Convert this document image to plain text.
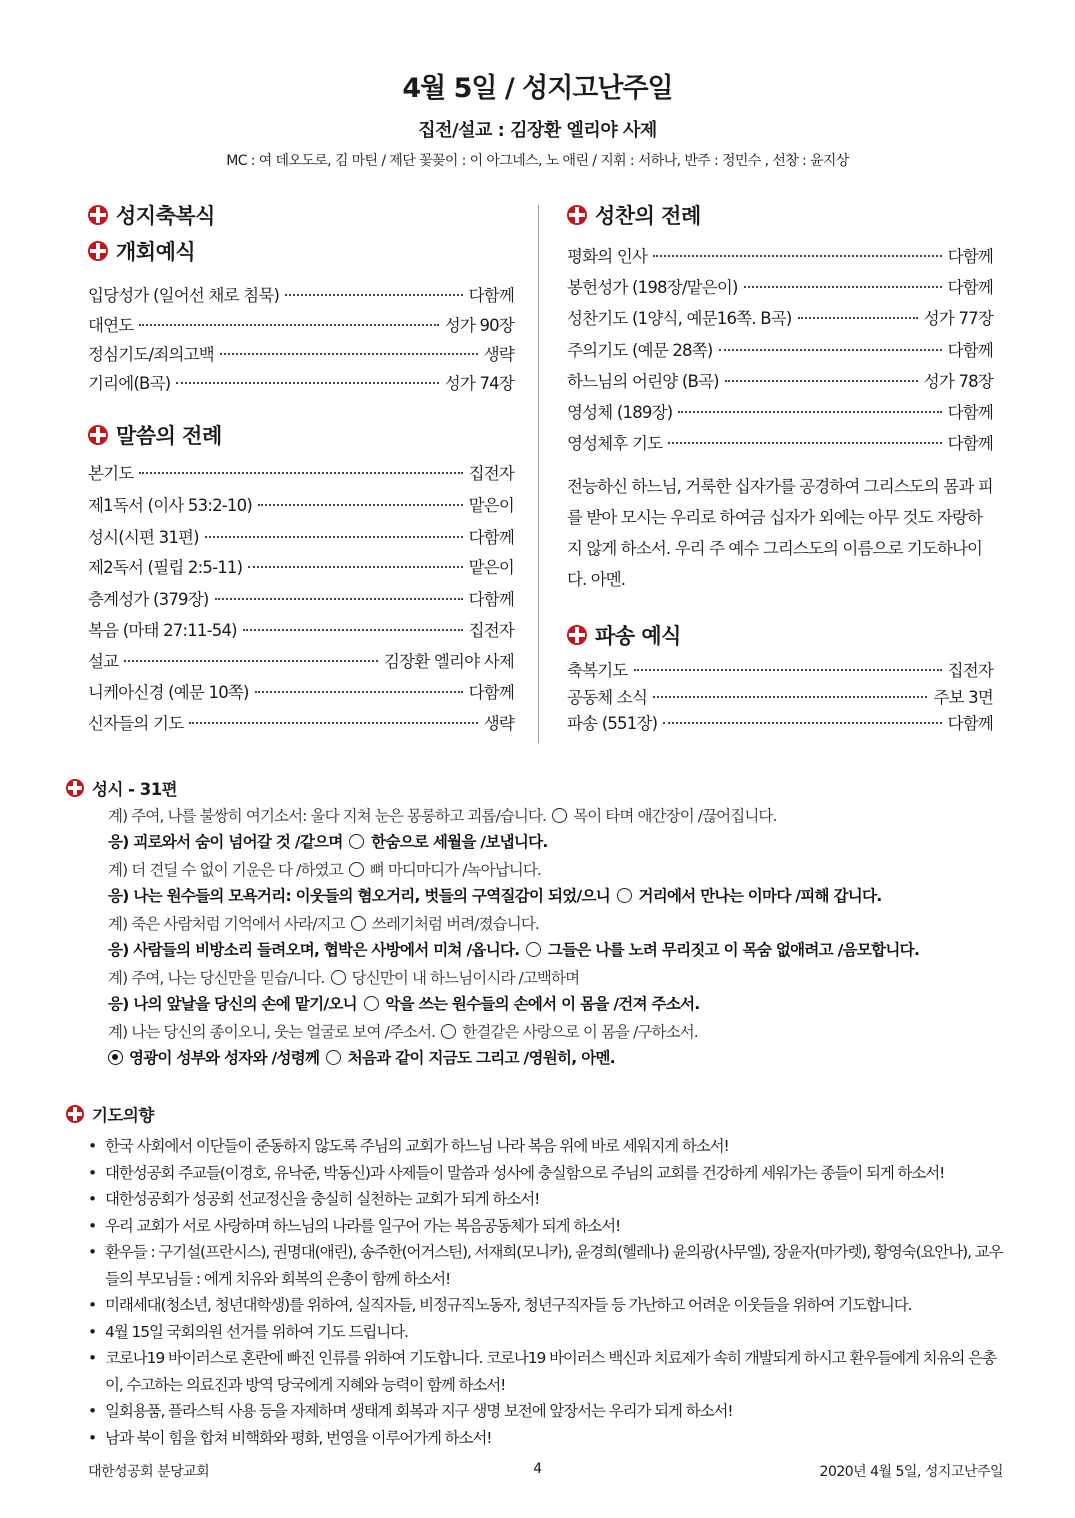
4월 5일 / 성지고난주일
집전/설교 : 김장환 엘리야 사제
MC : 여 데오도로, 김 마틴 / 제단 꽃꽂이 : 이 아그네스, 노 애린 / 지휘 : 서하나, 반주 : 정민수 , 선창 : 윤지상
성지축복식
개회예식
입당성가 (일어선 채로 침묵)	다함께
대연도	성가 90장
정심기도/죄의고백	생략
기리에(B곡)	성가 74장
말씀의 전례
본기도	집전자
제1독서 (이사 53:2-10)	맡은이
성시(시편 31편)	다함께
제2독서 (필립 2:5-11)	맡은이
층계성가 (379장)	다함께
복음 (마태 27:11-54)	집전자
설교	김장환 엘리야 사제
니케아신경 (예문 10쪽)	다함께
신자들의 기도	생략
성찬의 전례
평화의 인사	다함께
봉헌성가 (198장/맡은이)	다함께
성찬기도 (1양식, 예문16쪽. B곡)	성가 77장
주의기도 (예문 28쪽)	다함께
하느님의 어린양 (B곡)	성가 78장
영성체 (189장)	다함께
영성체후 기도	다함께
전능하신 하느님, 거룩한 십자가를 공경하여 그리스도의 몸과 피를 받아 모시는 우리로 하여금 십자가 외에는 아무 것도 자랑하지 않게 하소서. 우리 주 예수 그리스도의 이름으로 기도하나이다. 아멘.
파송 예식
축복기도	집전자
공동체 소식	주보 3면
파송 (551장)	다함께
성시 - 31편
계) 주여, 나를 불쌍히 여기소서: 울다 지쳐 눈은 몽롱하고 괴롭/습니다. 목이 타며 애간장이 /끊어집니다.
응) 괴로와서 숨이 넘어갈 것 /같으며 한숨으로 세월을 /보냅니다.
계) 더 견딜 수 없이 기운은 다 /하였고 뼈 마디마디가 /녹아납니다.
응) 나는 원수들의 모욕거리: 이웃들의 혐오거리, 벗들의 구역질감이 되었/으니 거리에서 만나는 이마다 /피해 갑니다.
계) 죽은 사람처럼 기억에서 사라/지고 쓰레기처럼 버려/졌습니다.
응) 사람들의 비방소리 들려오며, 협박은 사방에서 미쳐 /옵니다. 그들은 나를 노려 무리짓고 이 목숨 없애려고 /음모합니다.
계) 주여, 나는 당신만을 믿습/니다. 당신만이 내 하느님이시라 /고백하며
응) 나의 앞날을 당신의 손에 맡기/오니 악을 쓰는 원수들의 손에서 이 몸을 /건져 주소서.
계) 나는 당신의 종이오니, 웃는 얼굴로 보여 /주소서. 한결같은 사랑으로 이 몸을 /구하소서.
영광이 성부와 성자와 /성령께 처음과 같이 지금도 그리고 /영원히, 아멘.
기도의향
• 한국 사회에서 이단들이 준동하지 않도록 주님의 교회가 하느님 나라 복음 위에 바로 세워지게 하소서!
• 대한성공회 주교들(이경호, 유낙준, 박동신)과 사제들이 말씀과 성사에 충실함으로 주님의 교회를 건강하게 세워가는 종들이 되게 하소서!
• 대한성공회가 성공회 선교정신을 충실히 실천하는 교회가 되게 하소서!
• 우리 교회가 서로 사랑하며 하느님의 나라를 일구어 가는 복음공동체가 되게 하소서!
• 환우들 : 구기설(프란시스), 권명대(애린), 송주한(어거스틴), 서재희(모니카), 윤경희(헬레나) 윤의광(사무엘), 장윤자(마가렛), 황영숙(요안나), 교우들의 부모님들 : 에게 치유와 회복의 은총이 함께 하소서!
• 미래세대(청소년, 청년대학생)를 위하여, 실직자들, 비정규직노동자, 청년구직자들 등 가난하고 어려운 이웃들을 위하여 기도합니다.
• 4월 15일 국회의원 선거를 위하여 기도 드립니다.
• 코로나19 바이러스로 혼란에 빠진 인류를 위하여 기도합니다. 코로나19 바이러스 백신과 치료제가 속히 개발되게 하시고 환우들에게 치유의 은총이, 수고하는 의료진과 방역 당국에게 지혜와 능력이 함께 하소서!
• 일회용품, 플라스틱 사용 등을 자제하며 생태계 회복과 지구 생명 보전에 앞장서는 우리가 되게 하소서!
• 남과 북이 힘을 합쳐 비핵화와 평화, 번영을 이루어가게 하소서!
대한성공회 분당교회	4	2020년 4월 5일, 성지고난주일
